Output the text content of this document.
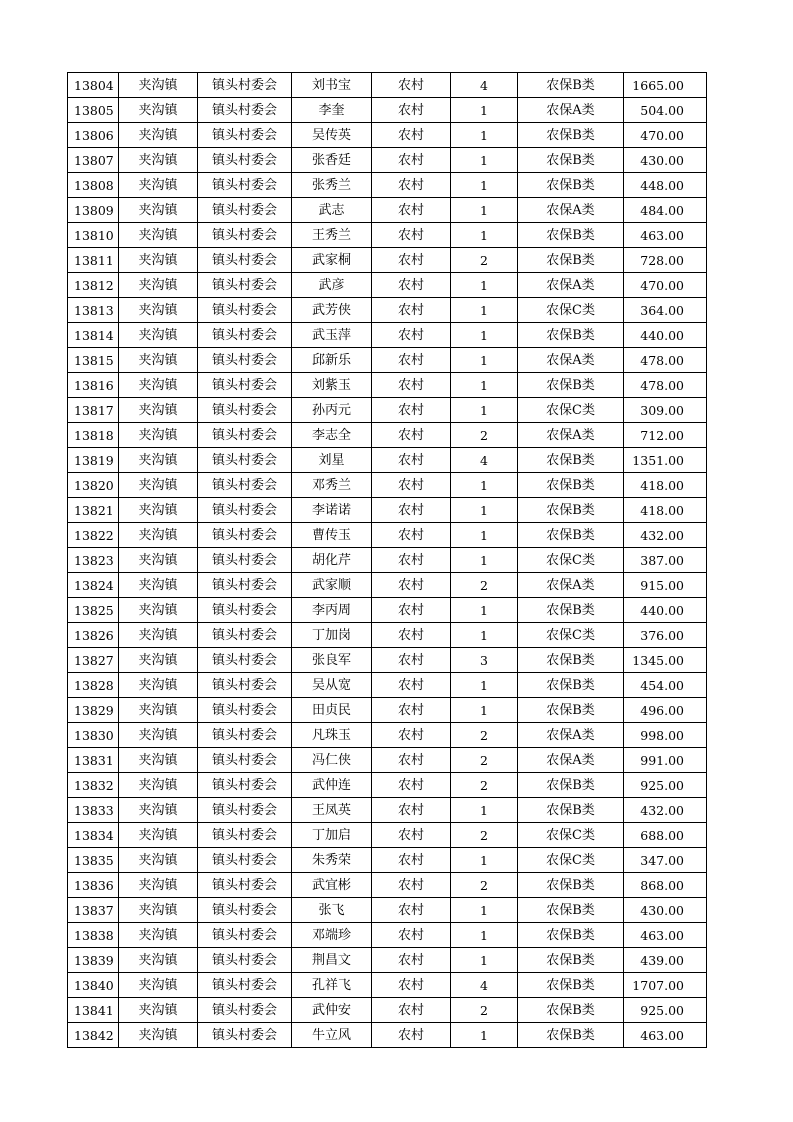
13804	夹沟镇	镇头村委会	刘书宝	农村	4	农保B类	1665.00
13805	夹沟镇	镇头村委会	李奎	农村	1	农保A类	504.00
13806	夹沟镇	镇头村委会	吴传英	农村	1	农保B类	470.00
13807	夹沟镇	镇头村委会	张香廷	农村	1	农保B类	430.00
13808	夹沟镇	镇头村委会	张秀兰	农村	1	农保B类	448.00
13809	夹沟镇	镇头村委会	武志	农村	1	农保A类	484.00
13810	夹沟镇	镇头村委会	王秀兰	农村	1	农保B类	463.00
13811	夹沟镇	镇头村委会	武家桐	农村	2	农保B类	728.00
13812	夹沟镇	镇头村委会	武彦	农村	1	农保A类	470.00
13813	夹沟镇	镇头村委会	武芳侠	农村	1	农保C类	364.00
13814	夹沟镇	镇头村委会	武玉萍	农村	1	农保B类	440.00
13815	夹沟镇	镇头村委会	邱新乐	农村	1	农保A类	478.00
13816	夹沟镇	镇头村委会	刘紫玉	农村	1	农保B类	478.00
13817	夹沟镇	镇头村委会	孙丙元	农村	1	农保C类	309.00
13818	夹沟镇	镇头村委会	李志全	农村	2	农保A类	712.00
13819	夹沟镇	镇头村委会	刘星	农村	4	农保B类	1351.00
13820	夹沟镇	镇头村委会	邓秀兰	农村	1	农保B类	418.00
13821	夹沟镇	镇头村委会	李诺诺	农村	1	农保B类	418.00
13822	夹沟镇	镇头村委会	曹传玉	农村	1	农保B类	432.00
13823	夹沟镇	镇头村委会	胡化芹	农村	1	农保C类	387.00
13824	夹沟镇	镇头村委会	武家顺	农村	2	农保A类	915.00
13825	夹沟镇	镇头村委会	李丙周	农村	1	农保B类	440.00
13826	夹沟镇	镇头村委会	丁加岗	农村	1	农保C类	376.00
13827	夹沟镇	镇头村委会	张良军	农村	3	农保B类	1345.00
13828	夹沟镇	镇头村委会	吴从宽	农村	1	农保B类	454.00
13829	夹沟镇	镇头村委会	田贞民	农村	1	农保B类	496.00
13830	夹沟镇	镇头村委会	凡珠玉	农村	2	农保A类	998.00
13831	夹沟镇	镇头村委会	冯仁侠	农村	2	农保A类	991.00
13832	夹沟镇	镇头村委会	武仲连	农村	2	农保B类	925.00
13833	夹沟镇	镇头村委会	王凤英	农村	1	农保B类	432.00
13834	夹沟镇	镇头村委会	丁加启	农村	2	农保C类	688.00
13835	夹沟镇	镇头村委会	朱秀荣	农村	1	农保C类	347.00
13836	夹沟镇	镇头村委会	武宜彬	农村	2	农保B类	868.00
13837	夹沟镇	镇头村委会	张飞	农村	1	农保B类	430.00
13838	夹沟镇	镇头村委会	邓端珍	农村	1	农保B类	463.00
13839	夹沟镇	镇头村委会	荆昌文	农村	1	农保B类	439.00
13840	夹沟镇	镇头村委会	孔祥飞	农村	4	农保B类	1707.00
13841	夹沟镇	镇头村委会	武仲安	农村	2	农保B类	925.00
13842	夹沟镇	镇头村委会	牛立风	农村	1	农保B类	463.00
